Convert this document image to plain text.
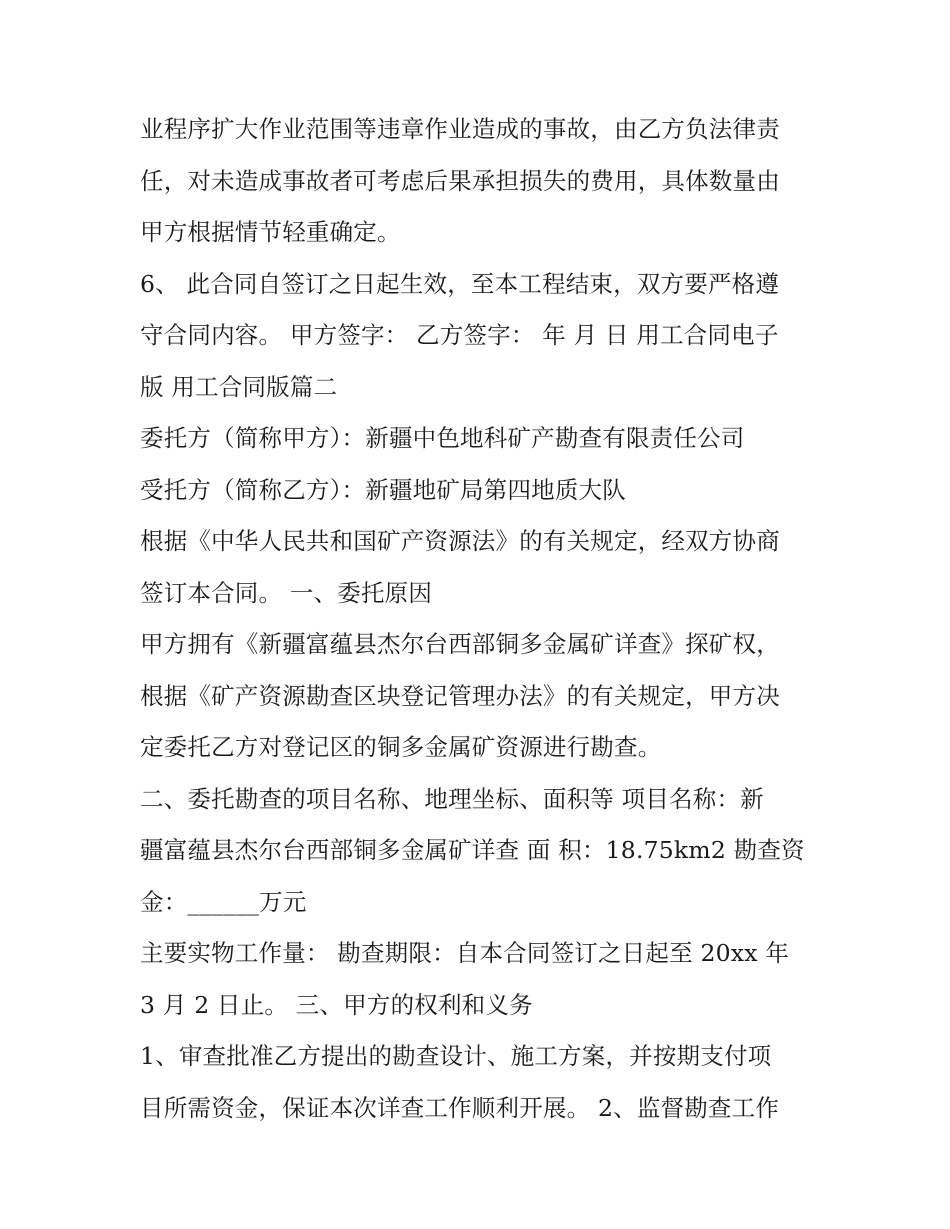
业程序扩大作业范围等违章作业造成的事故，由乙方负法律责
任，对未造成事故者可考虑后果承担损失的费用，具体数量由
甲方根据情节轻重确定。
6、 此合同自签订之日起生效，至本工程结束，双方要严格遵
守合同内容。 甲方签字： 乙方签字： 年 月 日 用工合同电子
版 用工合同版篇二
委托方（简称甲方）：新疆中色地科矿产勘查有限责任公司
受托方（简称乙方）：新疆地矿局第四地质大队
根据《中华人民共和国矿产资源法》的有关规定，经双方协商
签订本合同。 一、委托原因
甲方拥有《新疆富蕴县杰尔台西部铜多金属矿详查》探矿权，
根据《矿产资源勘查区块登记管理办法》的有关规定，甲方决
定委托乙方对登记区的铜多金属矿资源进行勘查。
二、委托勘查的项目名称、地理坐标、面积等 项目名称：新
疆富蕴县杰尔台西部铜多金属矿详查 面 积：18.75km2 勘查资
金：______万元
主要实物工作量： 勘查期限：自本合同签订之日起至 20xx 年
3 月 2 日止。 三、甲方的权利和义务
1、审查批准乙方提出的勘查设计、施工方案，并按期支付项
目所需资金，保证本次详查工作顺利开展。 2、监督勘查工作
